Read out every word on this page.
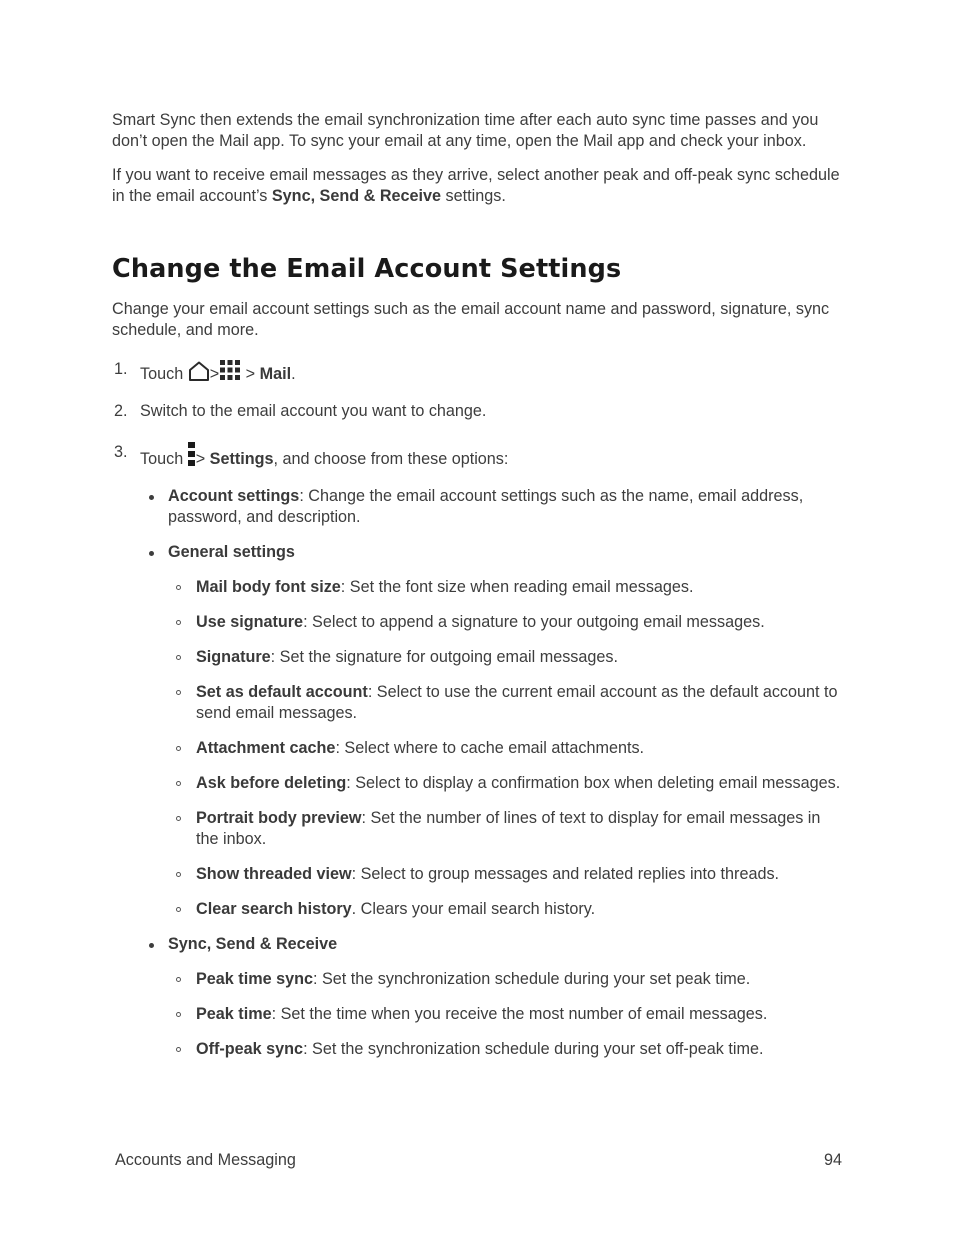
Smart Sync then extends the email synchronization time after each auto sync time passes and you don’t open the Mail app. To sync your email at any time, open the Mail app and check your inbox.

If you want to receive email messages as they arrive, select another peak and off-peak sync schedule in the email account’s Sync, Send & Receive settings.

Change the Email Account Settings

Change your email account settings such as the email account name and password, signature, sync schedule, and more.

1. Touch > > Mail.
2. Switch to the email account you want to change.
3. Touch > Settings, and choose from these options:
Account settings: Change the email account settings such as the name, email address, password, and description.
General settings
Mail body font size: Set the font size when reading email messages.
Use signature: Select to append a signature to your outgoing email messages.
Signature: Set the signature for outgoing email messages.
Set as default account: Select to use the current email account as the default account to send email messages.
Attachment cache: Select where to cache email attachments.
Ask before deleting: Select to display a confirmation box when deleting email messages.
Portrait body preview: Set the number of lines of text to display for email messages in the inbox.
Show threaded view: Select to group messages and related replies into threads.
Clear search history. Clears your email search history.
Sync, Send & Receive
Peak time sync: Set the synchronization schedule during your set peak time.
Peak time: Set the time when you receive the most number of email messages.
Off-peak sync: Set the synchronization schedule during your set off-peak time.
Accounts and Messaging	94
